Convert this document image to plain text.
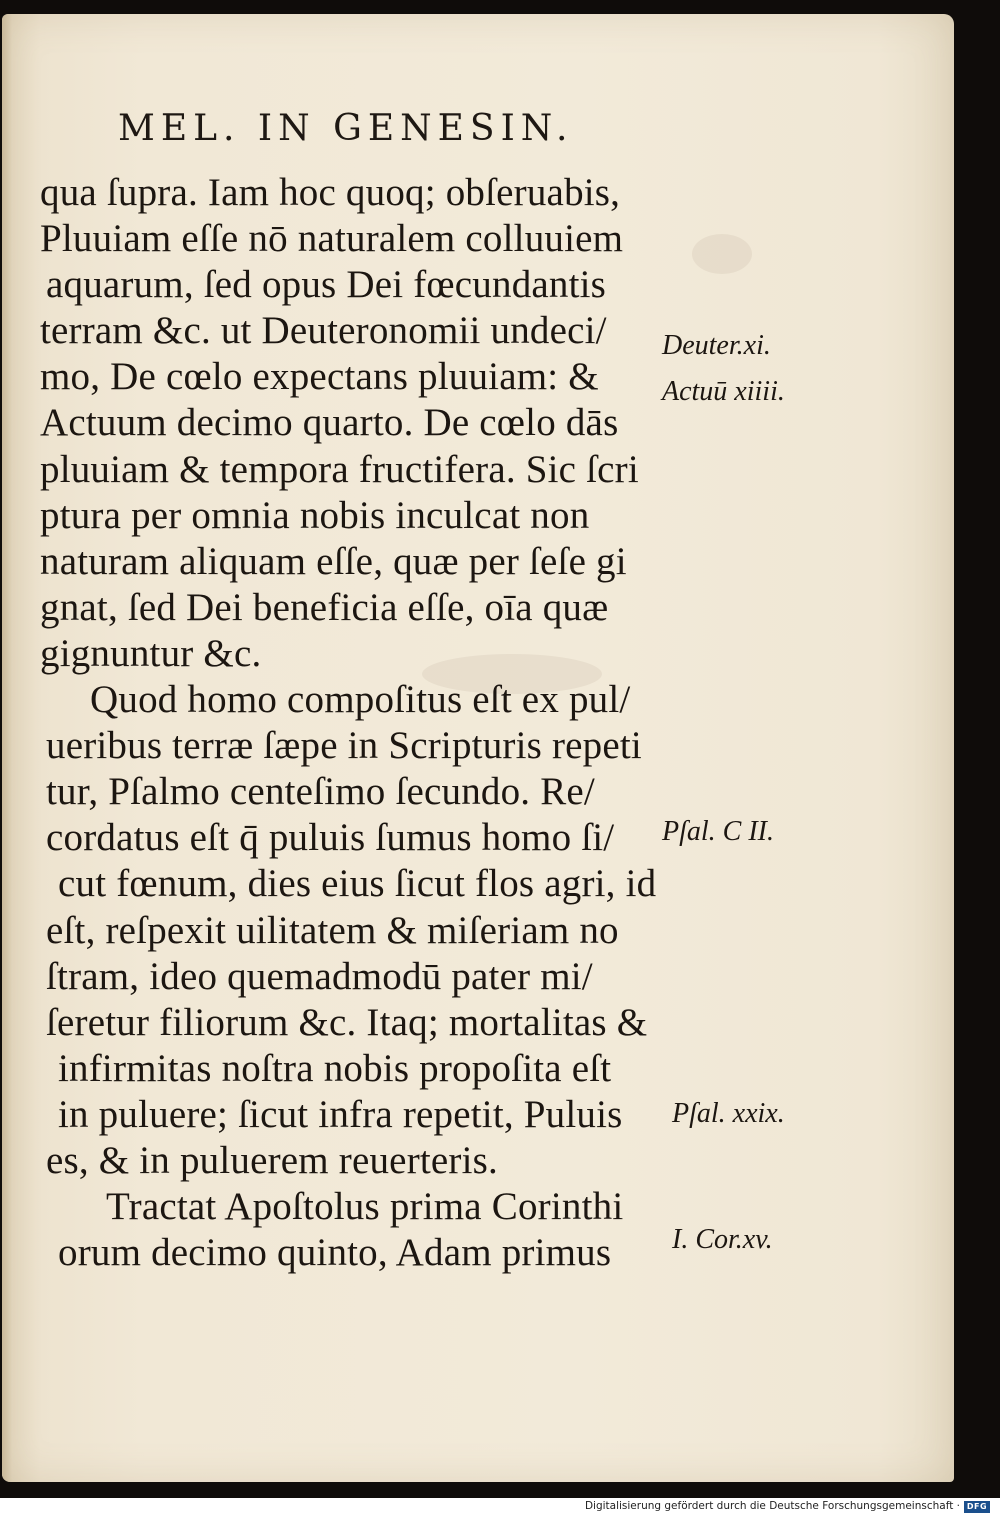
MEL. IN GENESIN.
qua ſupra. Iam hoc quoq; obſeruabis,
Pluuiam eſſe nō naturalem colluuiem
aquarum, ſed opus Dei fœcundantis
terram &c. ut Deuteronomii undeci/
mo, De cœlo expectans pluuiam: &
Actuum decimo quarto. De cœlo dās
pluuiam & tempora fructifera. Sic ſcri
ptura per omnia nobis inculcat non
naturam aliquam eſſe, quæ per ſeſe gi
gnat, ſed Dei beneficia eſſe, oīa quæ
gignuntur &c.
Quod homo compoſitus eſt ex pul/
ueribus terræ ſæpe in Scripturis repeti
tur, Pſalmo centeſimo ſecundo. Re/
cordatus eſt q̄ puluis ſumus homo ſi/
cut fœnum, dies eius ſicut flos agri, id
eſt, reſpexit uilitatem & miſeriam no
ſtram, ideo quemadmodū pater mi/
ſeretur filiorum &c. Itaq; mortalitas &
infirmitas noſtra nobis propoſita eſt
in puluere; ſicut infra repetit, Puluis
es, & in puluerem reuerteris.
Tractat Apoſtolus prima Corinthi
orum decimo quinto, Adam primus
Deuter.xi.
Actuū xiiii.
Pſal. C II.
Pſal. xxix.
I. Cor.xv.
Digitalisierung gefördert durch die Deutsche Forschungsgemeinschaft · DFG
